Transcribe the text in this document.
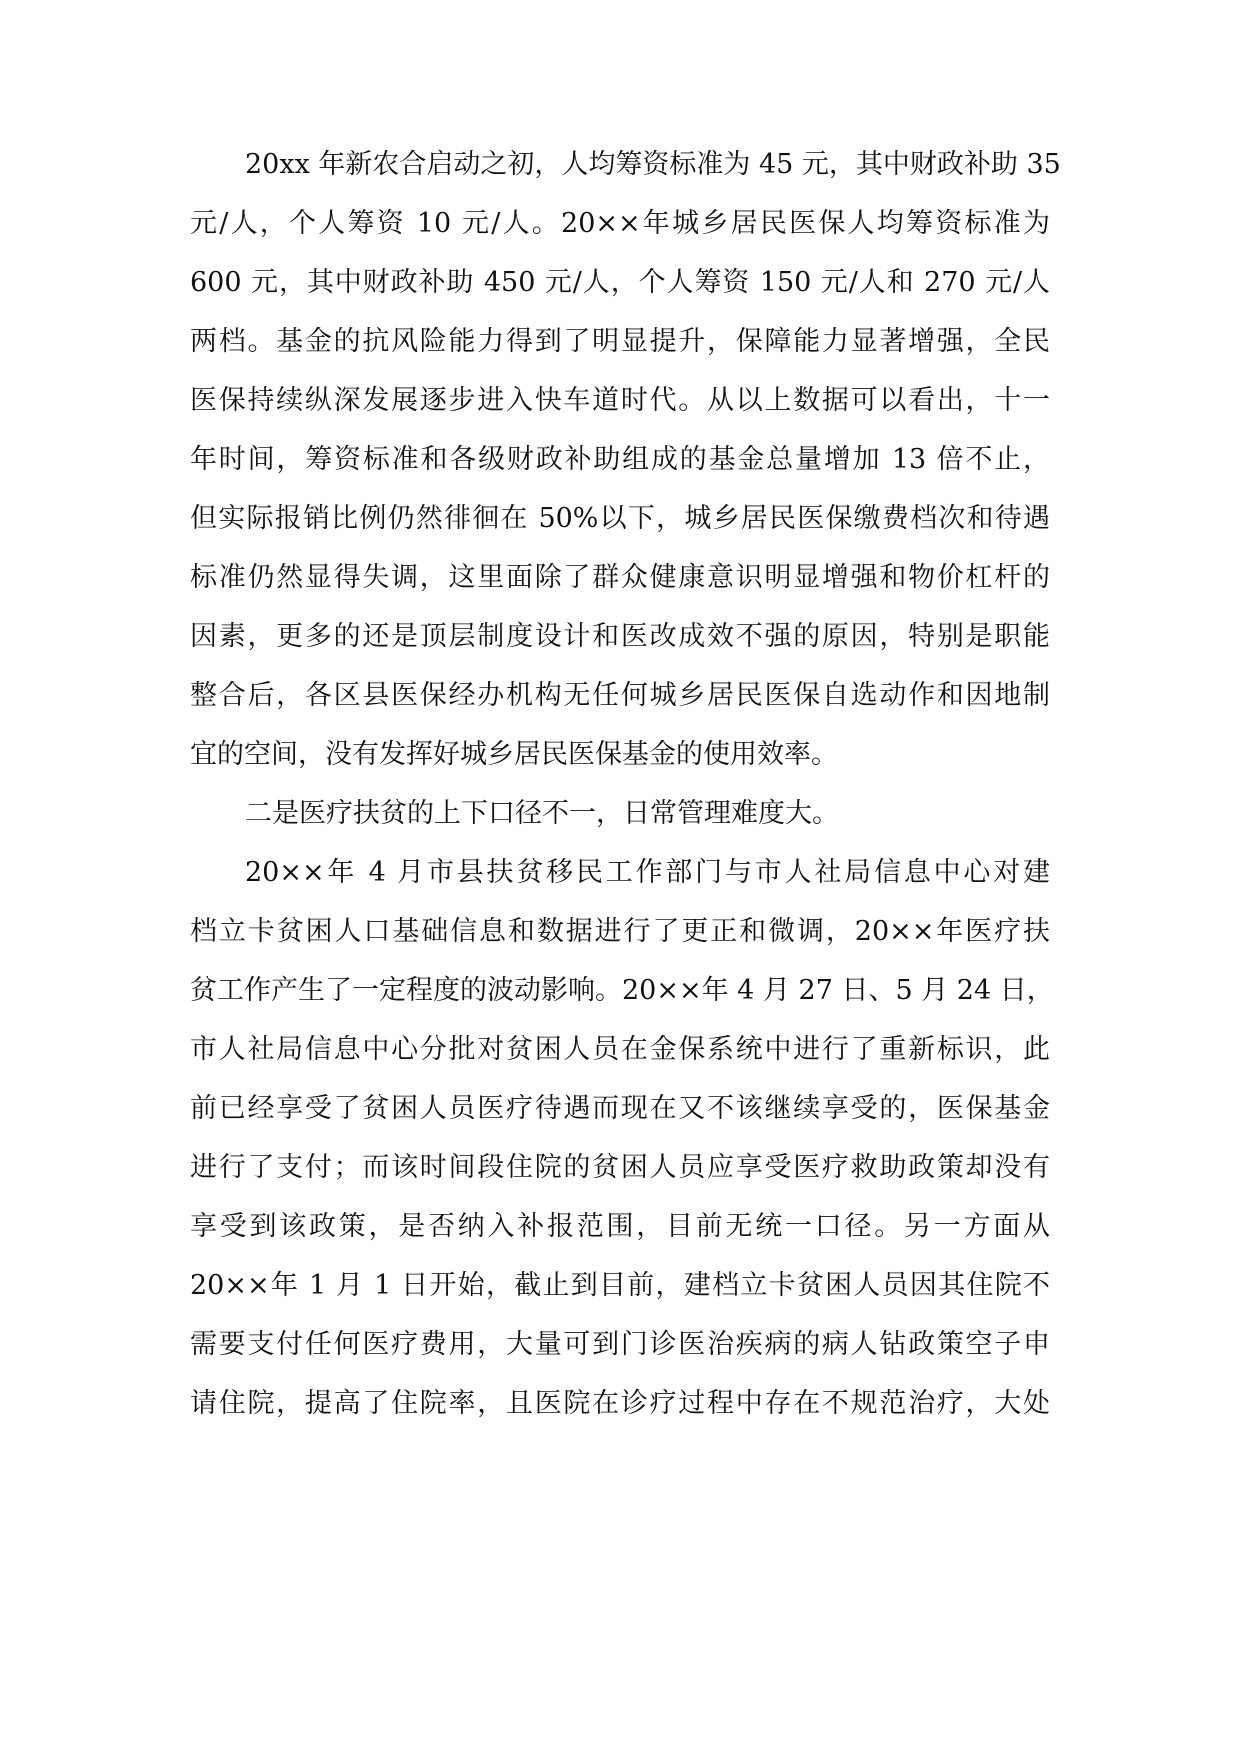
20xx 年新农合启动之初，人均筹资标准为 45 元，其中财政补助 35
元/人，个人筹资 10 元/人。20××年城乡居民医保人均筹资标准为
600 元，其中财政补助 450 元/人，个人筹资 150 元/人和 270 元/人
两档。基金的抗风险能力得到了明显提升，保障能力显著增强，全民
医保持续纵深发展逐步进入快车道时代。从以上数据可以看出，十一
年时间，筹资标准和各级财政补助组成的基金总量增加 13 倍不止，
但实际报销比例仍然徘徊在 50%以下，城乡居民医保缴费档次和待遇
标准仍然显得失调，这里面除了群众健康意识明显增强和物价杠杆的
因素，更多的还是顶层制度设计和医改成效不强的原因，特别是职能
整合后，各区县医保经办机构无任何城乡居民医保自选动作和因地制
宜的空间，没有发挥好城乡居民医保基金的使用效率。
二是医疗扶贫的上下口径不一，日常管理难度大。
20××年 4 月市县扶贫移民工作部门与市人社局信息中心对建
档立卡贫困人口基础信息和数据进行了更正和微调，20××年医疗扶
贫工作产生了一定程度的波动影响。20××年 4 月 27 日、5 月 24 日，
市人社局信息中心分批对贫困人员在金保系统中进行了重新标识，此
前已经享受了贫困人员医疗待遇而现在又不该继续享受的，医保基金
进行了支付；而该时间段住院的贫困人员应享受医疗救助政策却没有
享受到该政策，是否纳入补报范围，目前无统一口径。另一方面从
20××年 1 月 1 日开始，截止到目前，建档立卡贫困人员因其住院不
需要支付任何医疗费用，大量可到门诊医治疾病的病人钻政策空子申
请住院，提高了住院率，且医院在诊疗过程中存在不规范治疗，大处
